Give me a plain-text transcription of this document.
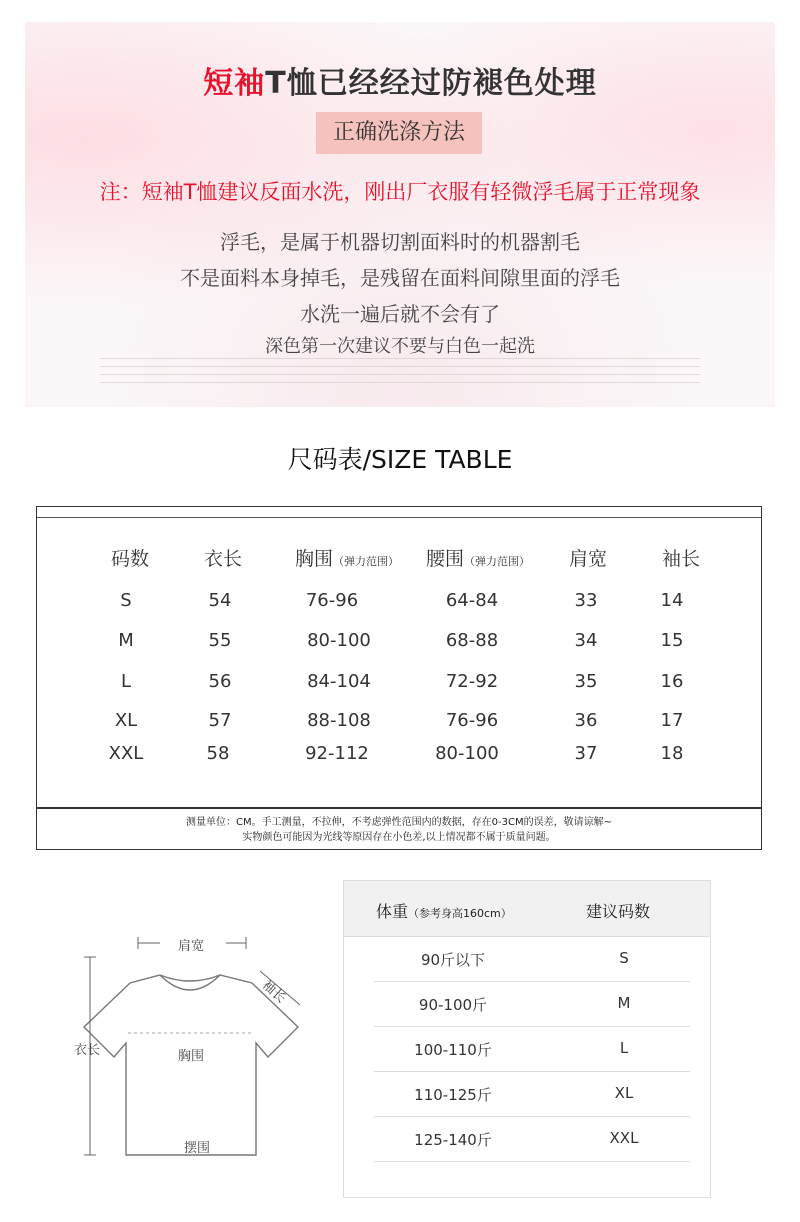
短袖T恤已经经过防褪色处理
正确洗涤方法
注：短袖T恤建议反面水洗，刚出厂衣服有轻微浮毛属于正常现象
浮毛，是属于机器切割面料时的机器割毛
不是面料本身掉毛，是残留在面料间隙里面的浮毛
水洗一遍后就不会有了
深色第一次建议不要与白色一起洗
尺码表/SIZE TABLE
码数	衣长	胸围（弹力范围）	腰围（弹力范围）	肩宽	袖长
S	54	76-96	64-84	33	14
M	55	80-100	68-88	34	15
L	56	84-104	72-92	35	16
XL	57	88-108	76-96	36	17
XXL	58	92-112	80-100	37	18
测量单位：CM。手工测量，不拉伸，不考虑弹性范围内的数据，存在0-3CM的误差，敬请谅解~
实物颜色可能因为光线等原因存在小色差,以上情况都不属于质量问题。
肩宽
袖长
衣长	胸围
摆围
体重（参考身高160cm）	建议码数
90斤以下	S
90-100斤	M
100-110斤	L
110-125斤	XL
125-140斤	XXL
